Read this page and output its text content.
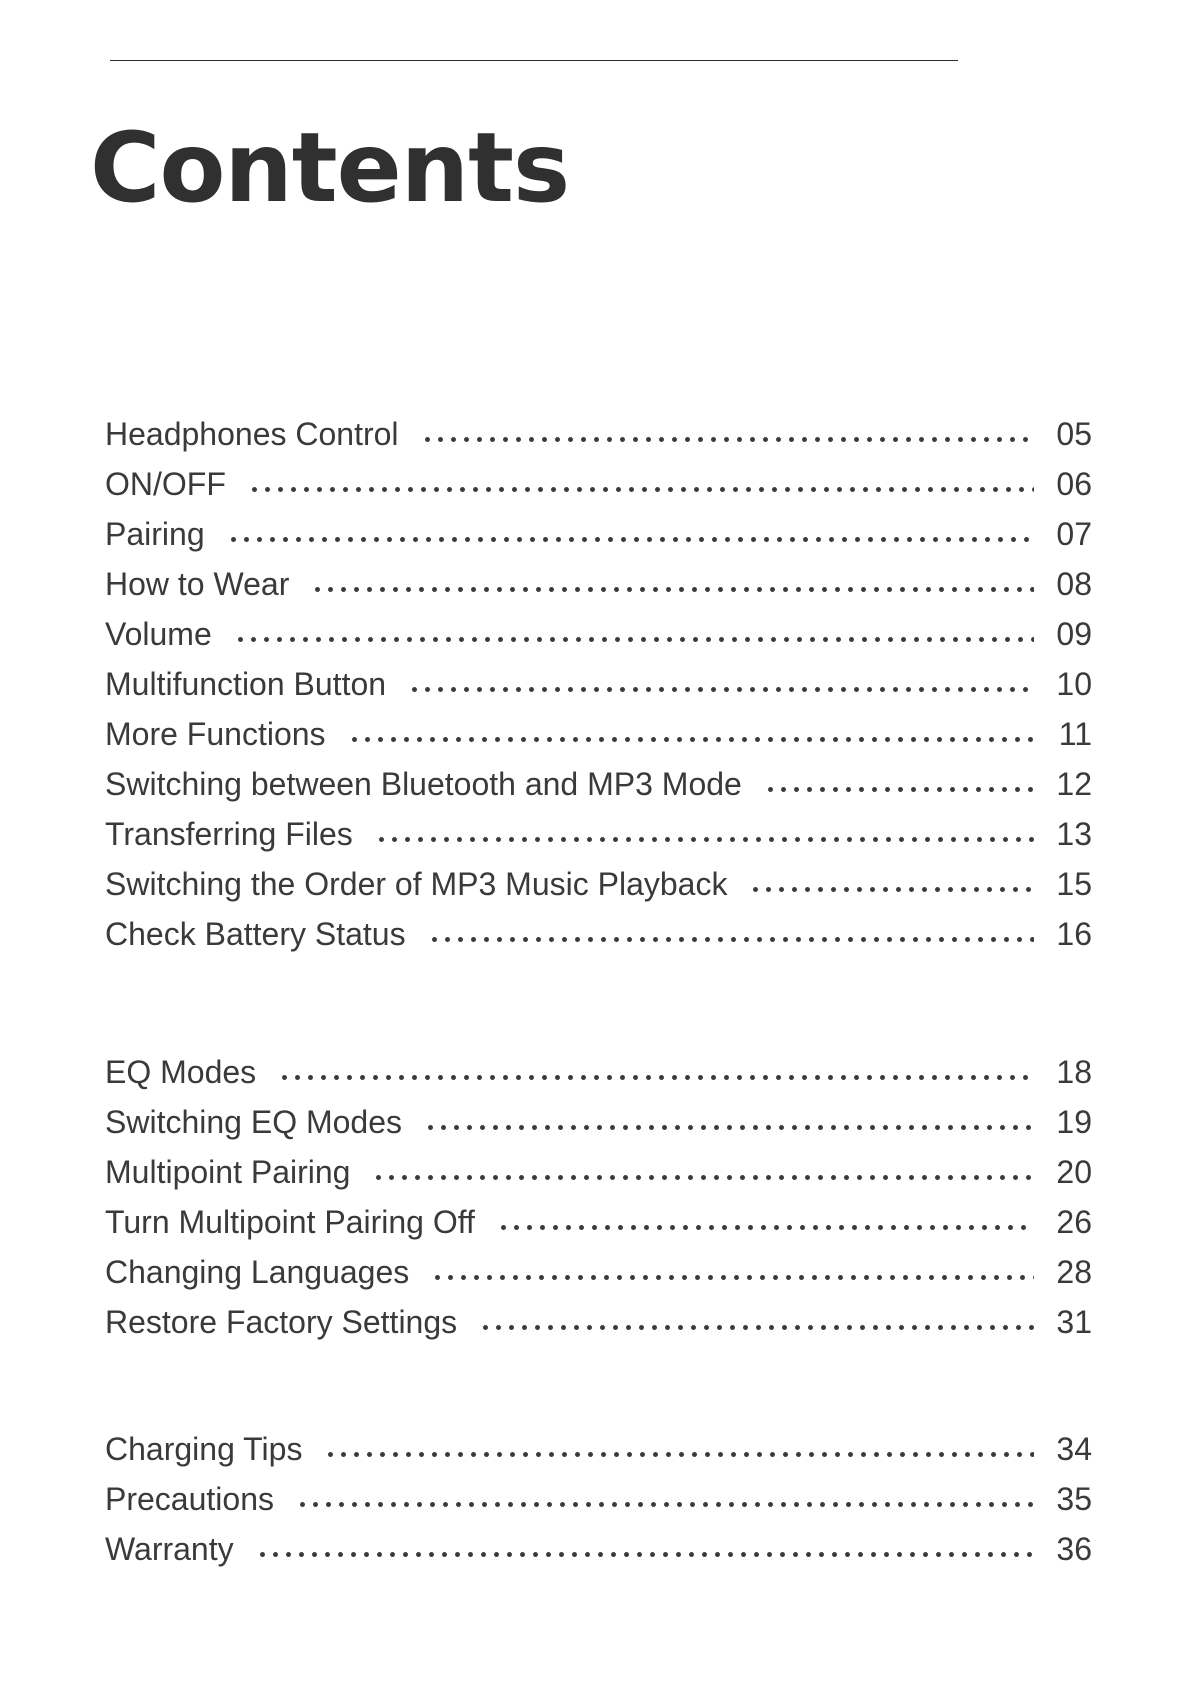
Contents
Headphones Control	05
ON/OFF	06
Pairing	07
How to Wear	08
Volume	09
Multifunction Button	10
More Functions	11
Switching between Bluetooth and MP3 Mode	12
Transferring Files	13
Switching the Order of MP3 Music Playback	15
Check Battery Status	16
EQ Modes	18
Switching EQ Modes	19
Multipoint Pairing	20
Turn Multipoint Pairing Off	26
Changing Languages	28
Restore Factory Settings	31
Charging Tips	34
Precautions	35
Warranty	36
